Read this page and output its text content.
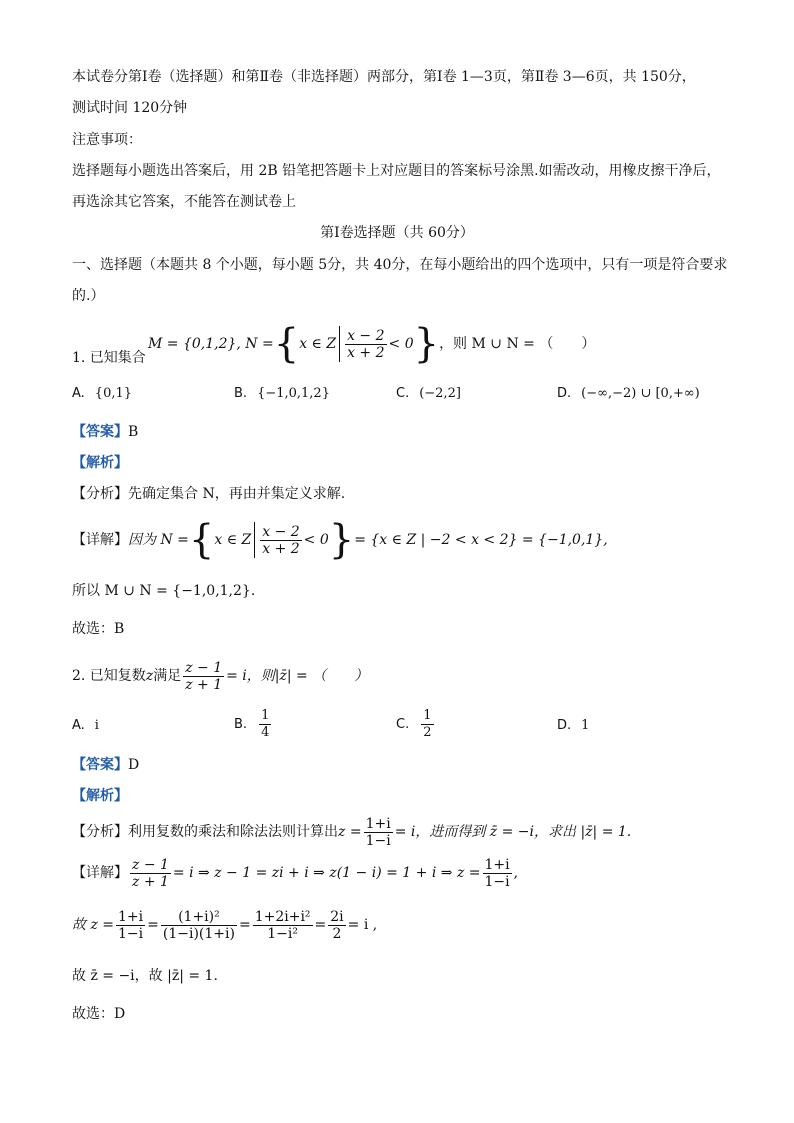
本试卷分第Ⅰ卷（选择题）和第Ⅱ卷（非选择题）两部分，第Ⅰ卷 1—3页，第Ⅱ卷 3—6页，共 150分，
测试时间 120分钟
注意事项：
选择题每小题选出答案后，用 2B 铅笔把答题卡上对应题目的答案标号涂黑.如需改动，用橡皮擦干净后，
再选涂其它答案，不能答在测试卷上
第Ⅰ卷选择题（共 60分）
一、选择题（本题共 8 个小题，每小题 5分，共 40分，在每小题给出的四个选项中，只有一项是符合要求
的.）
1. 已知集合
M = {0,1,2}, N = { x ∈ Z $\frac{x - 2}{x + 2} < 0$ } ，则 M ∪ N = （　　）
A. {0,1}	B. {−1,0,1,2}	C. (−2,2]	D. (−∞,−2) ∪ [0,+∞)
【答案】B
【解析】
【分析】先确定集合 N，再由并集定义求解.
【详解】 因为 N = { x ∈ Z $\frac{x - 2}{x + 2} < 0$ } = {x ∈ Z | −2 < x < 2} = {−1,0,1},
所以 M ∪ N = {−1,0,1,2}.
故选：B
2. 已知复数 z 满足 $\frac{z - 1}{z + 1} = i$，则 |z̄| = （　　）
A. i	B. $\frac{1}{4}$	C. $\frac{1}{2}$	D. 1
【答案】D
【解析】
【分析】 利用复数的乘法和除法法则计算出 $z = \frac{1+i}{1-i} = i$，进而得到 z̄ = −i，求出 |z̄| = 1.
【详解】 $\frac{z - 1}{z + 1} = i$ ⇒ z − 1 = zi + i ⇒ z(1 − i) = 1 + i ⇒ $z = \frac{1+i}{1-i}$ ,
故 $z = \frac{1+i}{1-i} = \frac{\text{(1+i)²}}{(1-i)(1+i)} = \frac{\text{1+2i+i²}}{\text{1−i²}} = \frac{2i}{2} = i$ ,
故 z̄ = −i，故 |z̄| = 1.
故选：D
